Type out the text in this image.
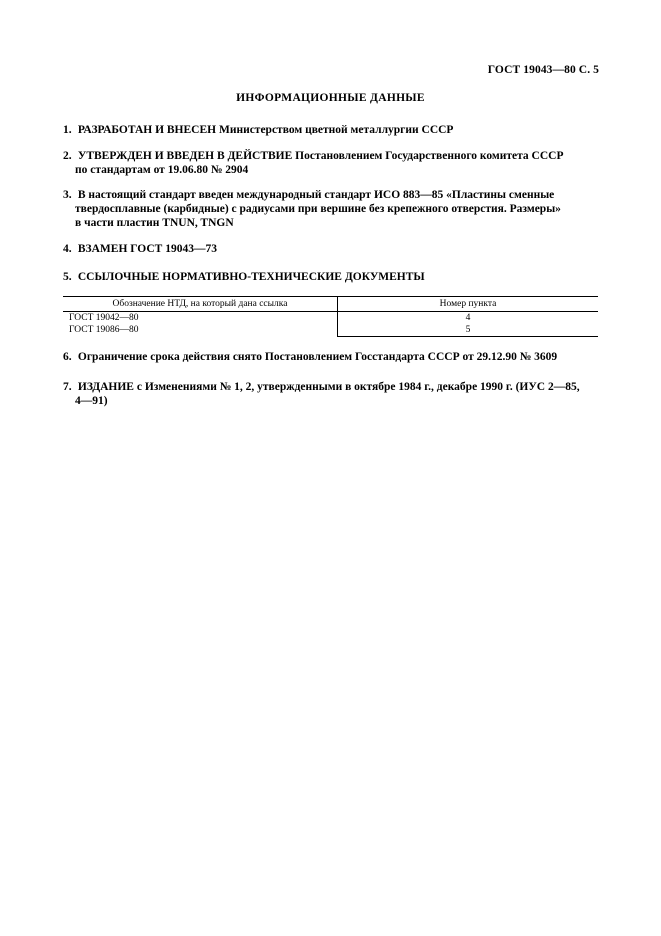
ГОСТ 19043—80 С. 5
ИНФОРМАЦИОННЫЕ ДАННЫЕ
1. РАЗРАБОТАН И ВНЕСЕН Министерством цветной металлургии СССР
2. УТВЕРЖДЕН И ВВЕДЕН В ДЕЙСТВИЕ Постановлением Государственного комитета СССР
по стандартам от 19.06.80 № 2904
3. В настоящий стандарт введен международный стандарт ИСО 883—85 «Пластины сменные
твердосплавные (карбидные) с радиусами при вершине без крепежного отверстия. Размеры»
в части пластин TNUN, TNGN
4. ВЗАМЕН ГОСТ 19043—73
5. ССЫЛОЧНЫЕ НОРМАТИВНО-ТЕХНИЧЕСКИЕ ДОКУМЕНТЫ
Обозначение НТД, на который дана ссылка	Номер пункта
ГОСТ 19042—80	4
ГОСТ 19086—80	5
6. Ограничение срока действия снято Постановлением Госстандарта СССР от 29.12.90 № 3609
7. ИЗДАНИЕ с Изменениями № 1, 2, утвержденными в октябре 1984 г., декабре 1990 г. (ИУС 2—85,
4—91)
